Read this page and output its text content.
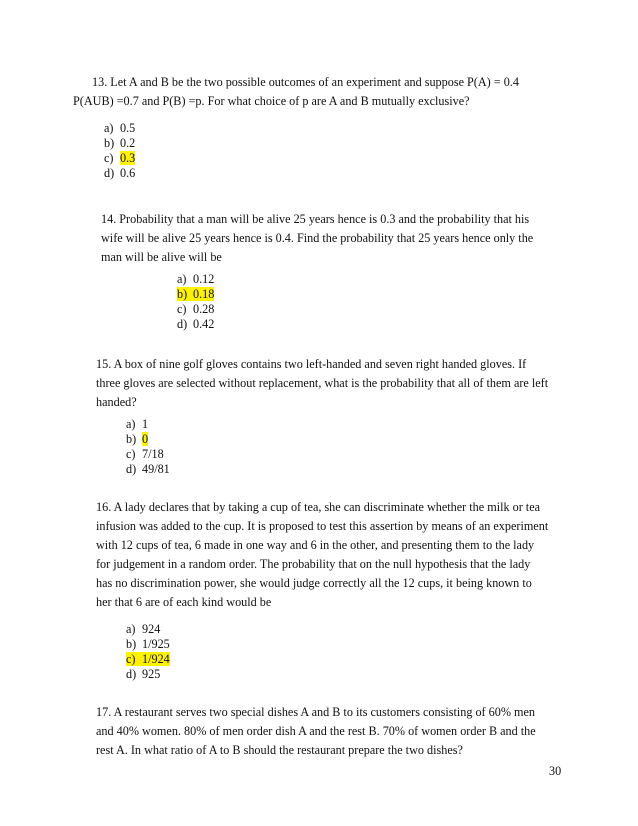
13. Let A and B be the two possible outcomes of an experiment and suppose P(A) = 0.4
P(AUB) =0.7 and P(B) =p. For what choice of p are A and B mutually exclusive?
a) 0.5
b) 0.2
c) 0.3
d) 0.6
14. Probability that a man will be alive 25 years hence is 0.3 and the probability that his
wife will be alive 25 years hence is 0.4. Find the probability that 25 years hence only the
man will be alive will be
a) 0.12
b) 0.18
c) 0.28
d) 0.42
15. A box of nine golf gloves contains two left-handed and seven right handed gloves. If
three gloves are selected without replacement, what is the probability that all of them are left
handed?
a) 1
b) 0
c) 7/18
d) 49/81
16. A lady declares that by taking a cup of tea, she can discriminate whether the milk or tea
infusion was added to the cup. It is proposed to test this assertion by means of an experiment
with 12 cups of tea, 6 made in one way and 6 in the other, and presenting them to the lady
for judgement in a random order. The probability that on the null hypothesis that the lady
has no discrimination power, she would judge correctly all the 12 cups, it being known to
her that 6 are of each kind would be
a) 924
b) 1/925
c) 1/924
d) 925
17. A restaurant serves two special dishes A and B to its customers consisting of 60% men
and 40% women. 80% of men order dish A and the rest B. 70% of women order B and the
rest A. In what ratio of A to B should the restaurant prepare the two dishes?
30
